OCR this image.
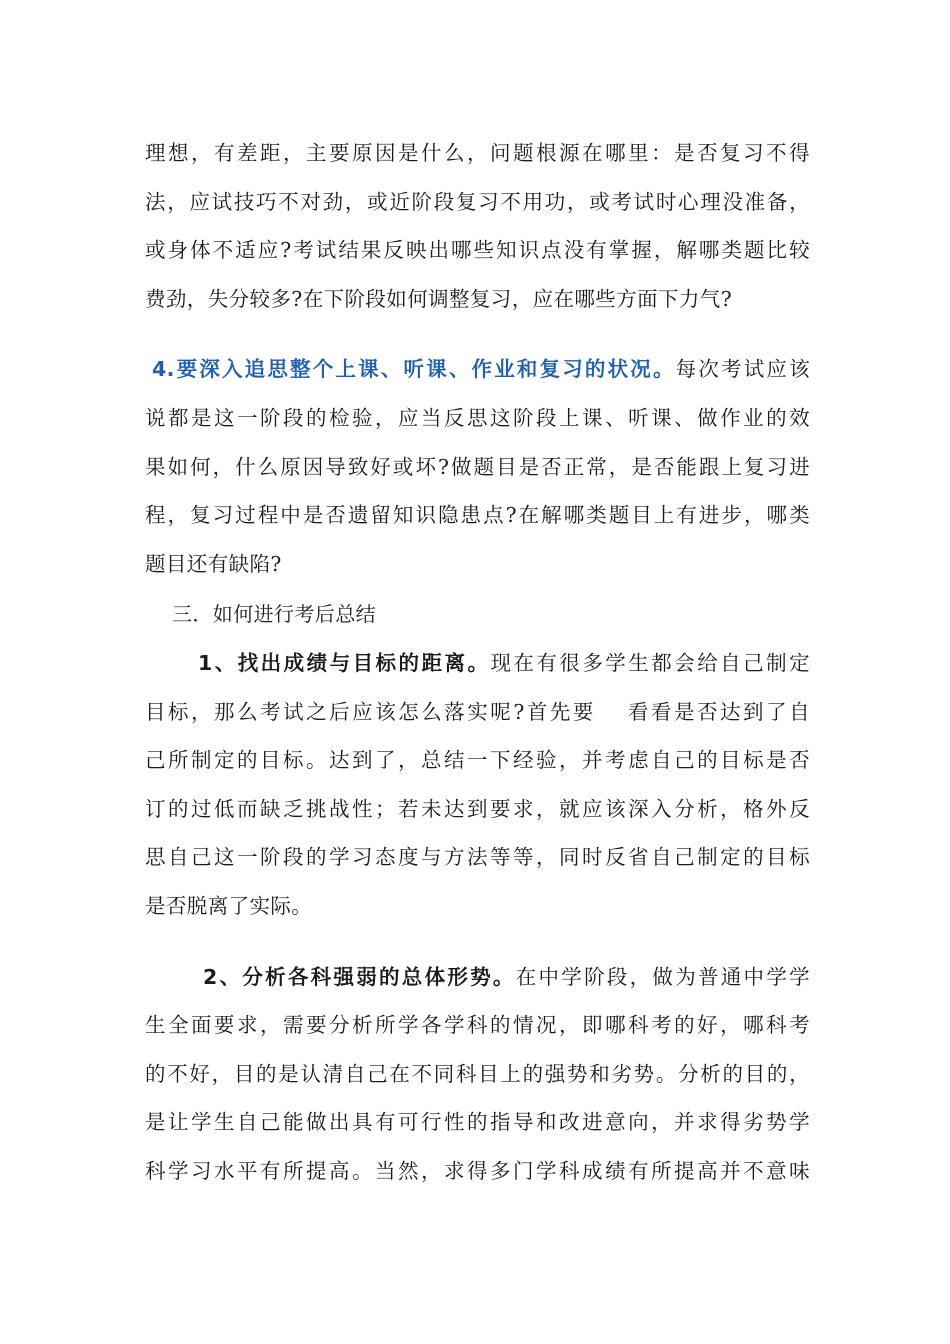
理想，有差距，主要原因是什么，问题根源在哪里：是否复习不得
法，应试技巧不对劲，或近阶段复习不用功，或考试时心理没准备，
或身体不适应?考试结果反映出哪些知识点没有掌握，解哪类题比较
费劲，失分较多?在下阶段如何调整复习，应在哪些方面下力气?
4.要深入追思整个上课、听课、作业和复习的状况。每次考试应该
说都是这一阶段的检验，应当反思这阶段上课、听课、做作业的效
果如何，什么原因导致好或坏?做题目是否正常，是否能跟上复习进
程，复习过程中是否遗留知识隐患点?在解哪类题目上有进步，哪类
题目还有缺陷?
三．如何进行考后总结
1、找出成绩与目标的距离。现在有很多学生都会给自己制定
目标，那么考试之后应该怎么落实呢?首先要　 看看是否达到了自
己所制定的目标。达到了，总结一下经验，并考虑自己的目标是否
订的过低而缺乏挑战性；若未达到要求，就应该深入分析，格外反
思自己这一阶段的学习态度与方法等等，同时反省自己制定的目标
是否脱离了实际。
2、分析各科强弱的总体形势。在中学阶段，做为普通中学学
生全面要求，需要分析所学各学科的情况，即哪科考的好，哪科考
的不好，目的是认清自己在不同科目上的强势和劣势。分析的目的，
是让学生自己能做出具有可行性的指导和改进意向，并求得劣势学
科学习水平有所提高。当然，求得多门学科成绩有所提高并不意味
